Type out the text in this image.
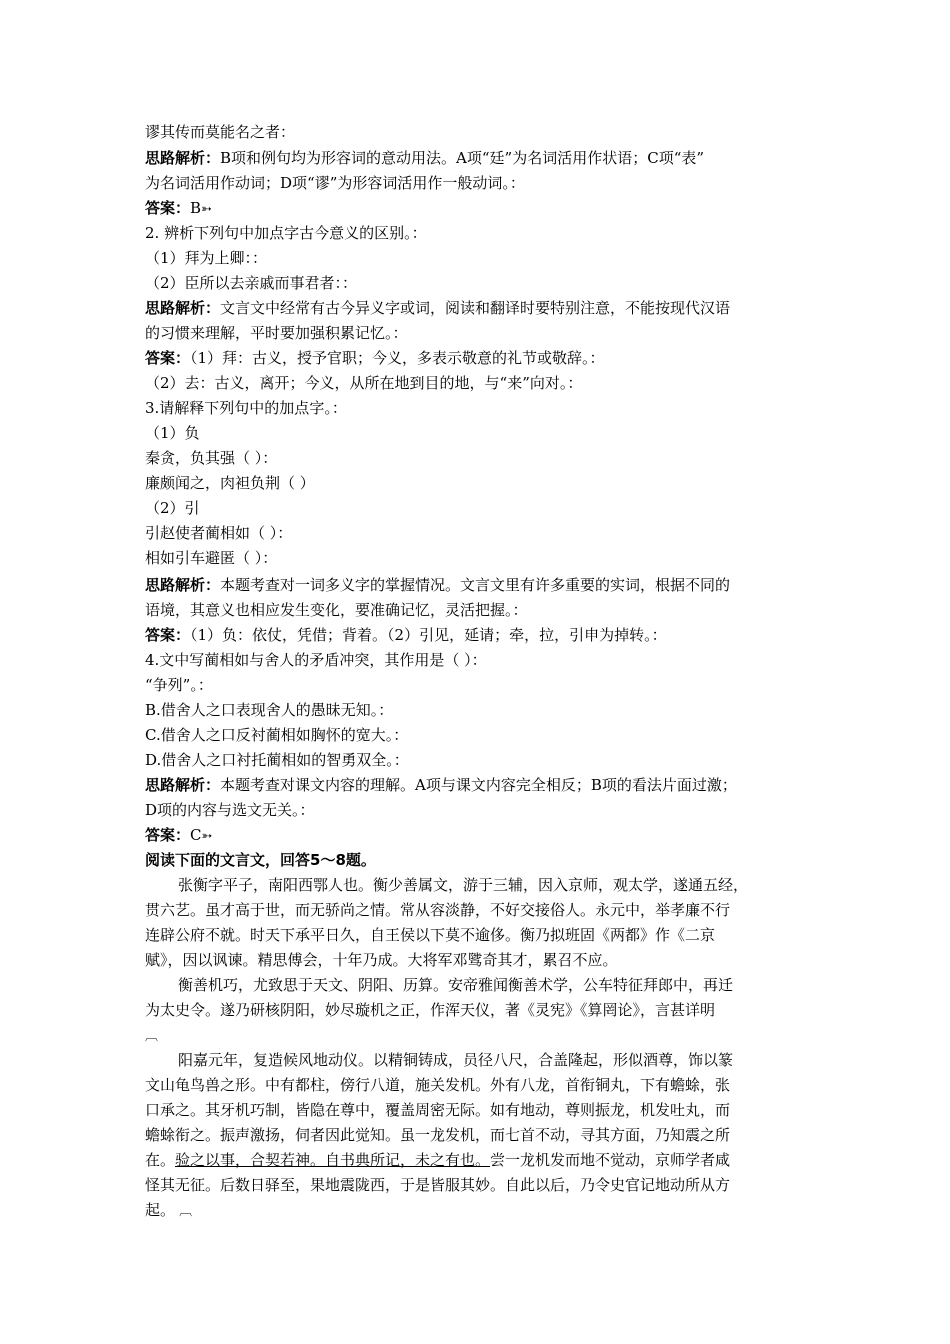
谬其传而莫能名之者：
思路解析：B项和例句均为形容词的意动用法。A项“廷”为名词活用作状语；C项“表”
为名词活用作动词；D项“谬”为形容词活用作一般动词。：
答案：B➳
2. 辨析下列句中加点字古今意义的区别。：
（1）拜为上卿：：
（2）臣所以去亲戚而事君者：：
思路解析：文言文中经常有古今异义字或词，阅读和翻译时要特别注意，不能按现代汉语
的习惯来理解，平时要加强积累记忆。：
答案：（1）拜：古义，授予官职；今义，多表示敬意的礼节或敬辞。：
（2）去：古义，离开；今义，从所在地到目的地，与“来”向对。：
3.请解释下列句中的加点字。：
（1）负
秦贪，负其强（ ）：
廉颇闻之，肉袒负荆（ ）
（2）引
引赵使者蔺相如（ ）：
相如引车避匿（ ）：
思路解析：本题考查对一词多义字的掌握情况。文言文里有许多重要的实词，根据不同的
语境，其意义也相应发生变化，要准确记忆，灵活把握。：
答案：（1）负：依仗，凭借；背着。（2）引见，延请；牵，拉，引申为掉转。：
4.文中写蔺相如与舍人的矛盾冲突，其作用是（ ）：
“争列”。：
B.借舍人之口表现舍人的愚昧无知。：
C.借舍人之口反衬蔺相如胸怀的宽大。：
D.借舍人之口衬托蔺相如的智勇双全。：
思路解析：本题考查对课文内容的理解。A项与课文内容完全相反；B项的看法片面过激；
D项的内容与选文无关。：
答案：C➳
阅读下面的文言文，回答5～8题。
张衡字平子，南阳西鄂人也。衡少善属文，游于三辅，因入京师，观太学，遂通五经，
贯六艺。虽才高于世，而无骄尚之情。常从容淡静，不好交接俗人。永元中，举孝廉不行
连辟公府不就。时天下承平日久，自王侯以下莫不逾侈。衡乃拟班固《两都》作《二京
赋》，因以讽谏。精思傅会，十年乃成。大将军邓骘奇其才，累召不应。
衡善机巧，尤致思于天文、阴阳、历算。安帝雅闻衡善术学，公车特征拜郎中，再迁
为太史令。遂乃研核阴阳，妙尽璇机之正，作浑天仪，著《灵宪》《算罔论》，言甚详明
︹
阳嘉元年，复造候风地动仪。以精铜铸成，员径八尺，合盖隆起，形似酒尊，饰以篆
文山龟鸟兽之形。中有都柱，傍行八道，施关发机。外有八龙，首衔铜丸，下有蟾蜍，张
口承之。其牙机巧制，皆隐在尊中，覆盖周密无际。如有地动，尊则振龙，机发吐丸，而
蟾蜍衔之。振声激扬，伺者因此觉知。虽一龙发机，而七首不动，寻其方面，乃知震之所
在。验之以事，合契若神。自书典所记，未之有也。尝一龙机发而地不觉动，京师学者咸
怪其无征。后数日驿至，果地震陇西，于是皆服其妙。自此以后，乃令史官记地动所从方
起。 ︹
